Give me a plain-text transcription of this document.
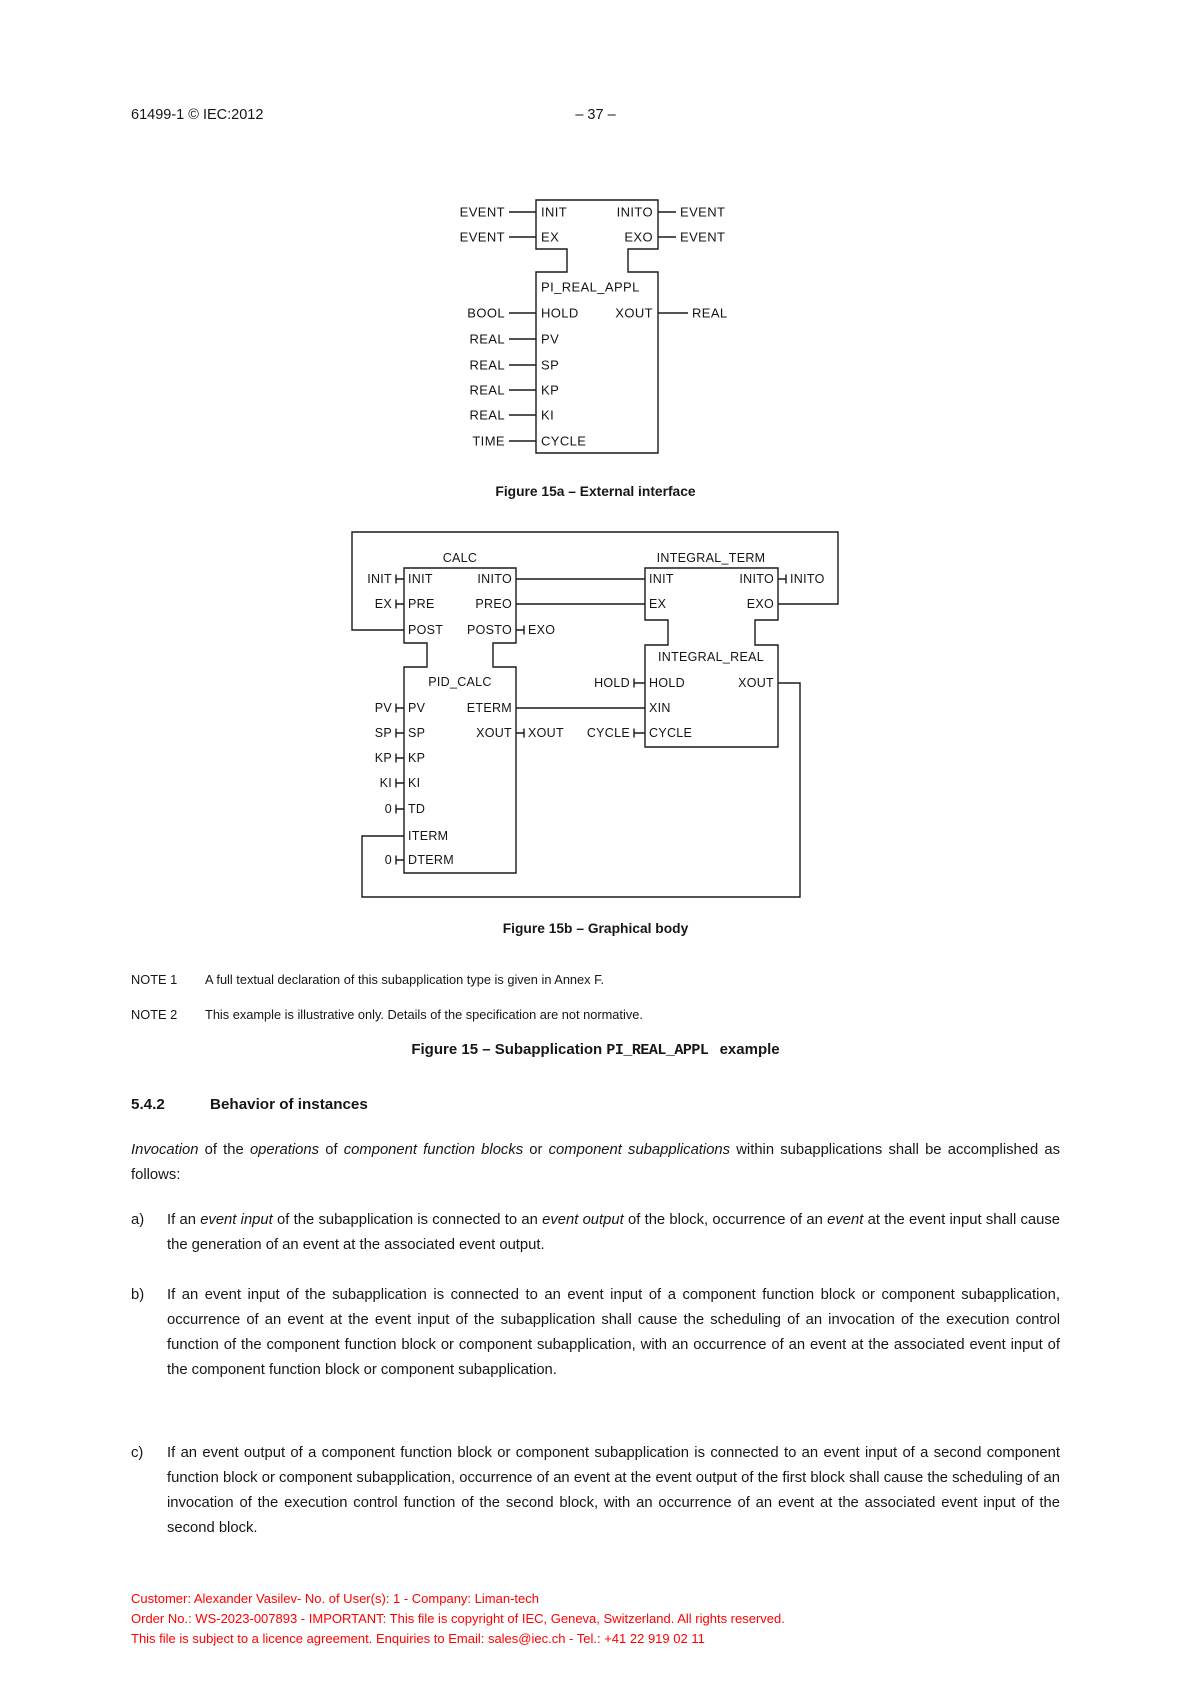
61499-1 © IEC:2012	– 37 –
EVENT
EVENT
BOOL
REAL
REAL
REAL
REAL
TIME
INIT
EX
PI_REAL_APPL
HOLD
PV
SP
KP
KI
CYCLE
INITO
EXO
XOUT
EVENT
EVENT
REAL
Figure 15a – External interface
CALC	INTEGRAL_TERM
PID_CALC
INTEGRAL_REAL
INIT
PRE
POST
INITO
PREO
POSTO
PV
SP
KP
KI
TD
ITERM
DTERM
ETERM
XOUT
INIT
EX
INITO
EXO
HOLD
XIN
CYCLE
XOUT
INIT
EX
PV
SP
KP
KI
0
0
EXO
INITO
XOUT CYCLE
HOLD
Figure 15b – Graphical body
NOTE 1 A full textual declaration of this subapplication type is given in Annex F.
NOTE 2 This example is illustrative only. Details of the specification are not normative.
Figure 15 – Subapplication PI_REAL_APPL example
5.4.2	Behavior of instances
Invocation of the operations of component function blocks or component subapplications within subapplications shall be accomplished as follows:
a) If an event input of the subapplication is connected to an event output of the block, occurrence of an event at the event input shall cause the generation of an event at the associated event output.
b) If an event input of the subapplication is connected to an event input of a component function block or component subapplication, occurrence of an event at the event input of the subapplication shall cause the scheduling of an invocation of the execution control function of the component function block or component subapplication, with an occurrence of an event at the associated event input of the component function block or component subapplication.
c) If an event output of a component function block or component subapplication is connected to an event input of a second component function block or component subapplication, occurrence of an event at the event output of the first block shall cause the scheduling of an invocation of the execution control function of the second block, with an occurrence of an event at the associated event input of the second block.
Customer: Alexander Vasilev- No. of User(s): 1 - Company: Liman-tech
Order No.: WS-2023-007893 - IMPORTANT: This file is copyright of IEC, Geneva, Switzerland. All rights reserved.
This file is subject to a licence agreement. Enquiries to Email: sales@iec.ch - Tel.: +41 22 919 02 11
